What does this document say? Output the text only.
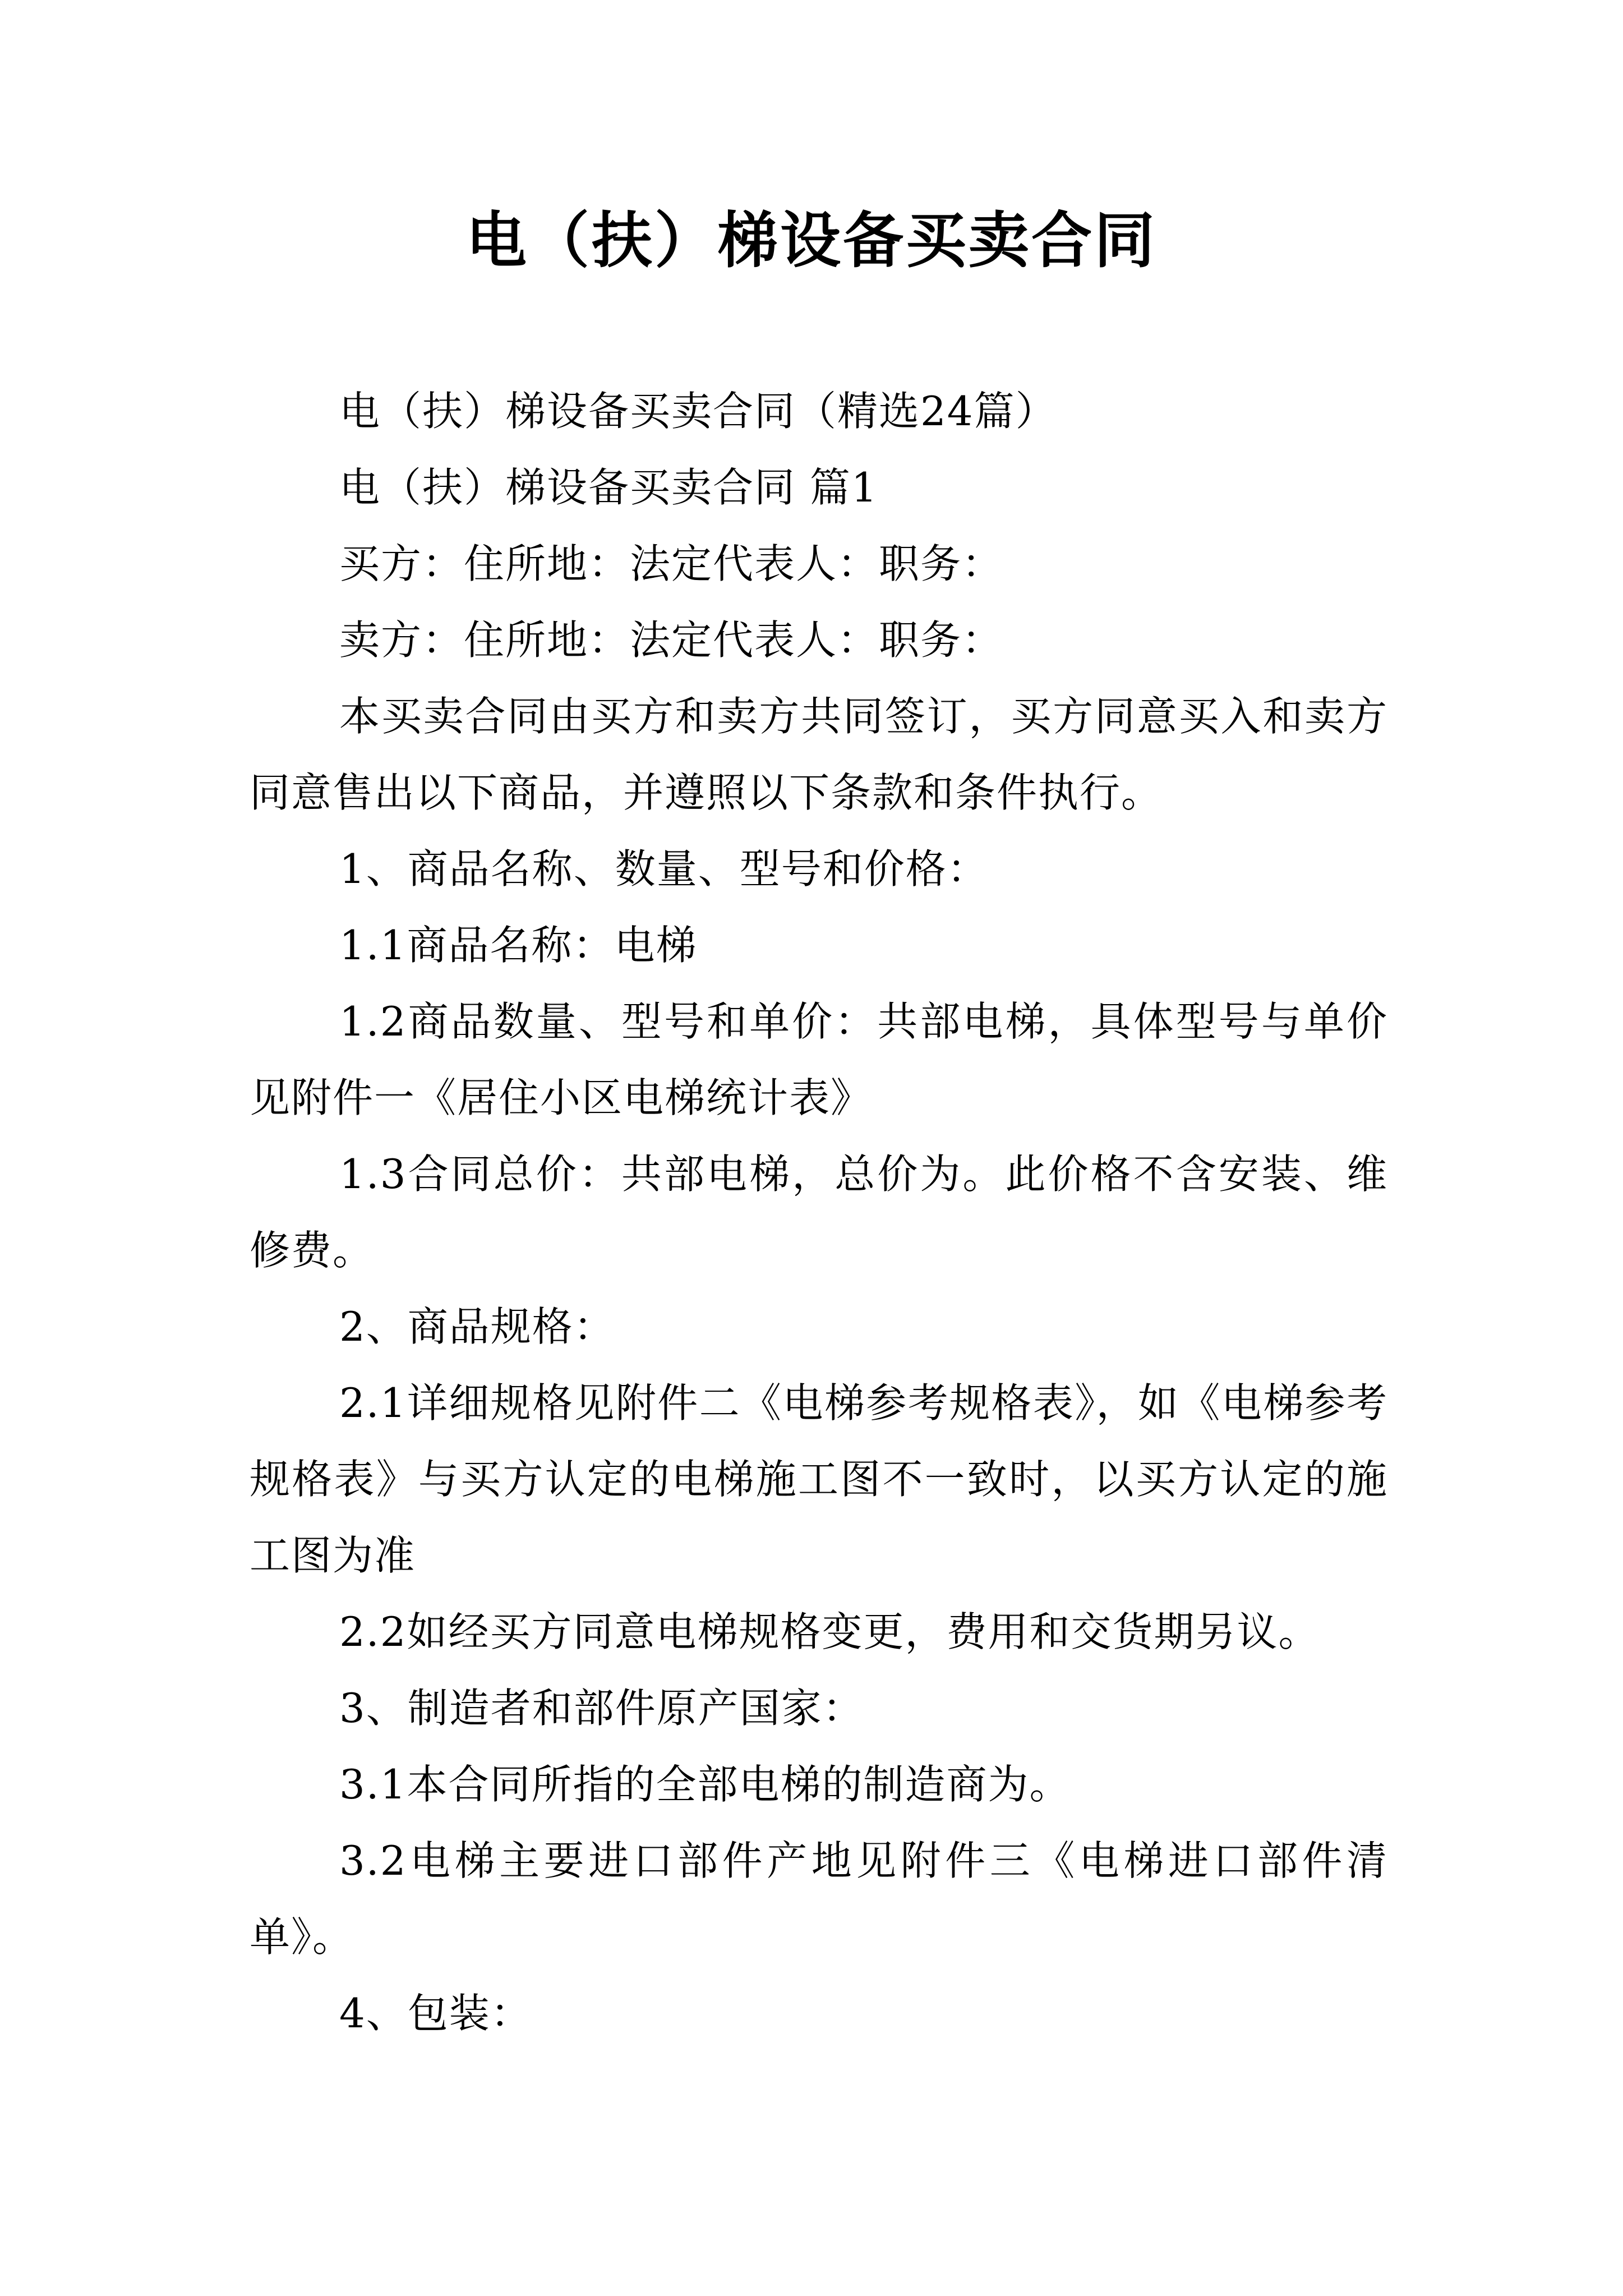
电（扶）梯设备买卖合同

电（扶）梯设备买卖合同（精选24篇）

电（扶）梯设备买卖合同 篇1

买方：住所地：法定代表人：职务：

卖方：住所地：法定代表人：职务：

本买卖合同由买方和卖方共同签订，买方同意买入和卖方同意售出以下商品，并遵照以下条款和条件执行。

1、商品名称、数量、型号和价格：

1.1商品名称：电梯

1.2商品数量、型号和单价：共部电梯，具体型号与单价见附件一《居住小区电梯统计表》

1.3合同总价：共部电梯，总价为。此价格不含安装、维修费。

2、商品规格：

2.1详细规格见附件二《电梯参考规格表》，如《电梯参考规格表》与买方认定的电梯施工图不一致时，以买方认定的施工图为准

2.2如经买方同意电梯规格变更，费用和交货期另议。

3、制造者和部件原产国家：

3.1本合同所指的全部电梯的制造商为。

3.2电梯主要进口部件产地见附件三《电梯进口部件清单》。

4、包装：
